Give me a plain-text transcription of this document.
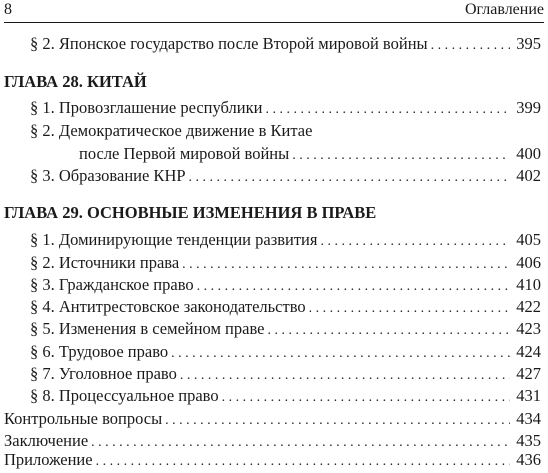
8	Оглавление
§ 2. Японское государство после Второй мировой войны . . .	395
ГЛАВА 28. КИТАЙ
§ 1. Провозглашение республики . . .	399
§ 2. Демократическое движение в Китае
после Первой мировой войны . . .	400
§ 3. Образование КНР . . .	402
ГЛАВА 29. ОСНОВНЫЕ ИЗМЕНЕНИЯ В ПРАВЕ
§ 1. Доминирующие тенденции развития . . .	405
§ 2. Источники права . . .	406
§ 3. Гражданское право . . .	410
§ 4. Антитрестовское законодательство . . .	422
§ 5. Изменения в семейном праве . . .	423
§ 6. Трудовое право . . .	424
§ 7. Уголовное право . . .	427
§ 8. Процессуальное право . . .	431
Контрольные вопросы . . .	434
Заключение . . .	435
Приложение . . .	436
